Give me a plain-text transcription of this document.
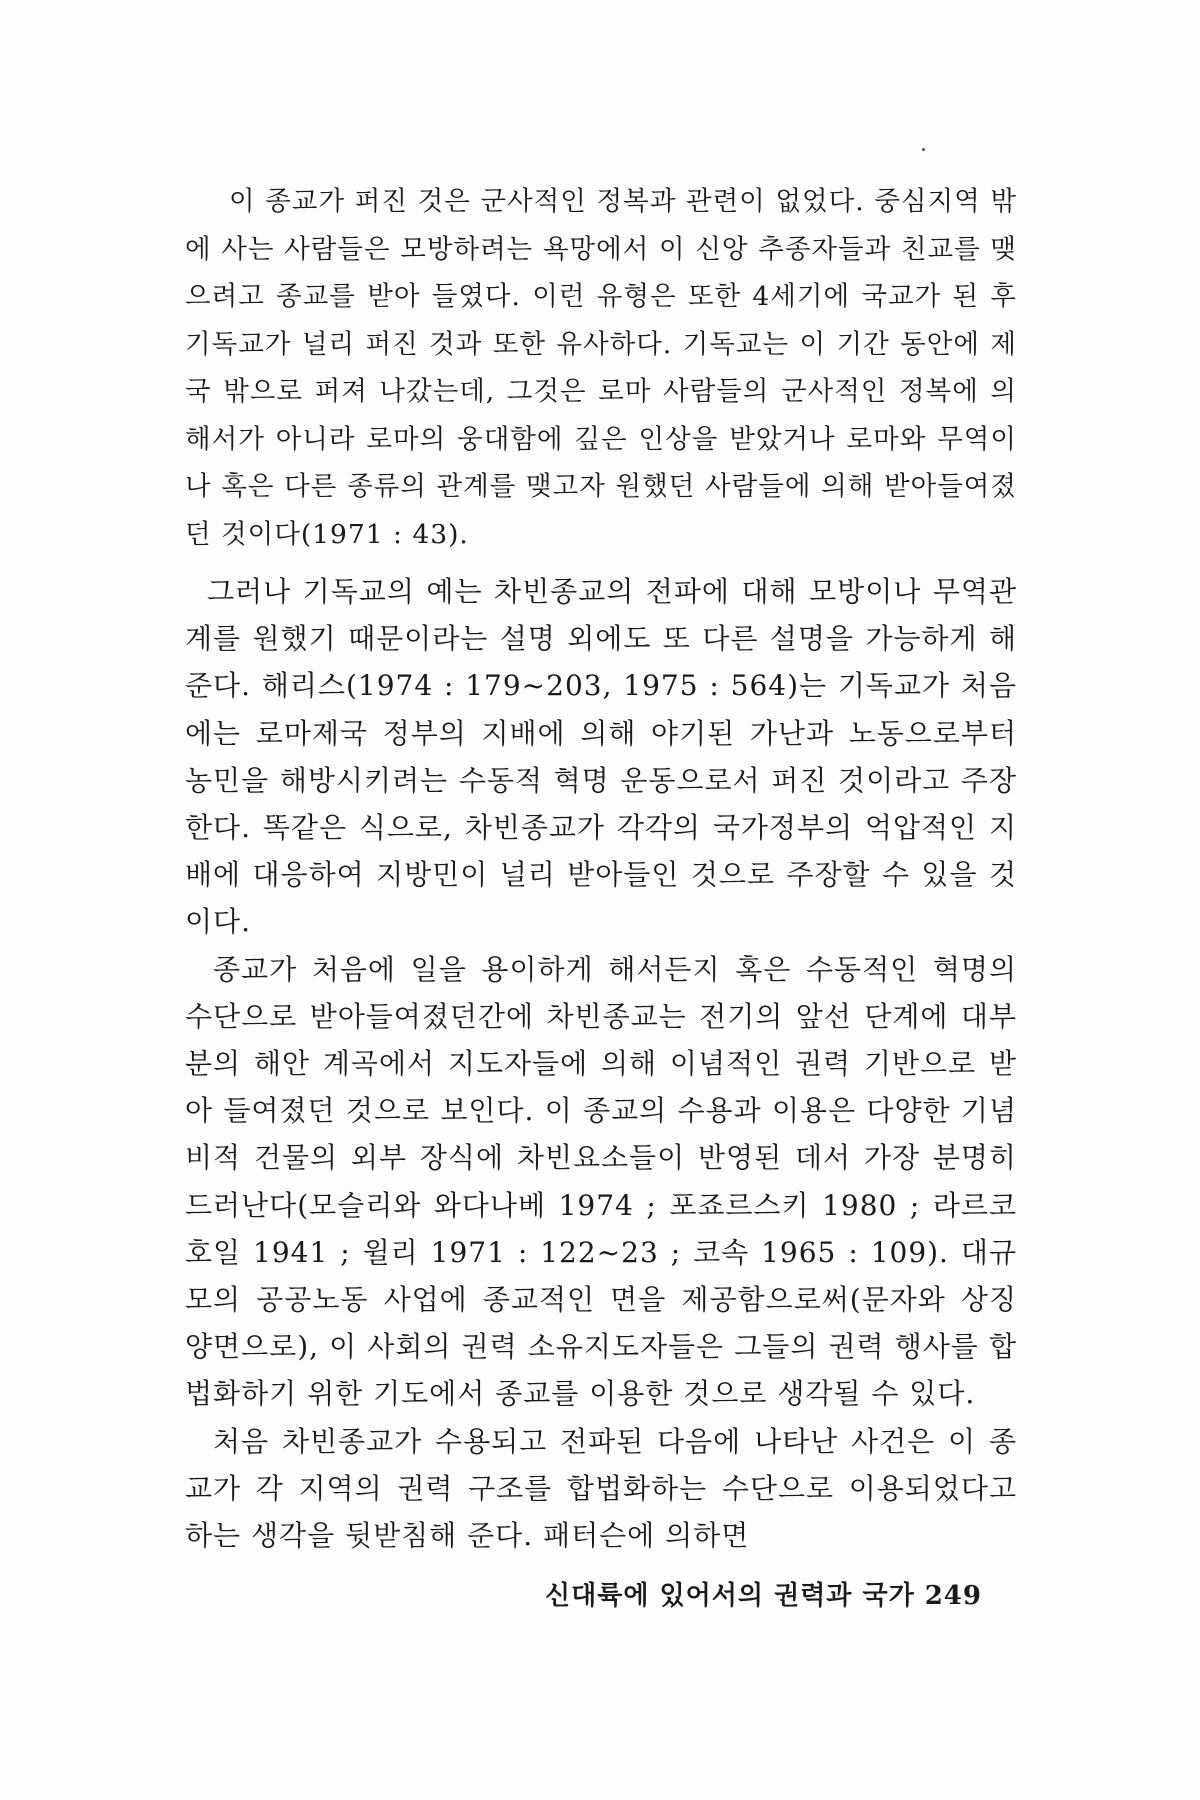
이 종교가 퍼진 것은 군사적인 정복과 관련이 없었다. 중심지역 밖에 사는 사람들은 모방하려는 욕망에서 이 신앙 추종자들과 친교를 맺으려고 종교를 받아 들였다. 이런 유형은 또한 4세기에 국교가 된 후 기독교가 널리 퍼진 것과 또한 유사하다. 기독교는 이 기간 동안에 제국 밖으로 퍼져 나갔는데, 그것은 로마 사람들의 군사적인 정복에 의해서가 아니라 로마의 웅대함에 깊은 인상을 받았거나 로마와 무역이나 혹은 다른 종류의 관계를 맺고자 원했던 사람들에 의해 받아들여졌던 것이다(1971 : 43).

그러나 기독교의 예는 차빈종교의 전파에 대해 모방이나 무역관계를 원했기 때문이라는 설명 외에도 또 다른 설명을 가능하게 해준다. 해리스(1974 : 179~203, 1975 : 564)는 기독교가 처음에는 로마제국 정부의 지배에 의해 야기된 가난과 노동으로부터 농민을 해방시키려는 수동적 혁명 운동으로서 퍼진 것이라고 주장한다. 똑같은 식으로, 차빈종교가 각각의 국가정부의 억압적인 지배에 대응하여 지방민이 널리 받아들인 것으로 주장할 수 있을 것이다.

종교가 처음에 일을 용이하게 해서든지 혹은 수동적인 혁명의 수단으로 받아들여졌던간에 차빈종교는 전기의 앞선 단계에 대부분의 해안 계곡에서 지도자들에 의해 이념적인 권력 기반으로 받아 들여졌던 것으로 보인다. 이 종교의 수용과 이용은 다양한 기념비적 건물의 외부 장식에 차빈요소들이 반영된 데서 가장 분명히 드러난다(모슬리와 와다나베 1974 ; 포죠르스키 1980 ; 라르코 호일 1941 ; 윌리 1971 : 122~23 ; 코속 1965 : 109). 대규모의 공공노동 사업에 종교적인 면을 제공함으로써(문자와 상징 양면으로), 이 사회의 권력 소유지도자들은 그들의 권력 행사를 합법화하기 위한 기도에서 종교를 이용한 것으로 생각될 수 있다.

처음 차빈종교가 수용되고 전파된 다음에 나타난 사건은 이 종교가 각 지역의 권력 구조를 합법화하는 수단으로 이용되었다고 하는 생각을 뒷받침해 준다. 패터슨에 의하면

신대륙에 있어서의 권력과 국가 249
